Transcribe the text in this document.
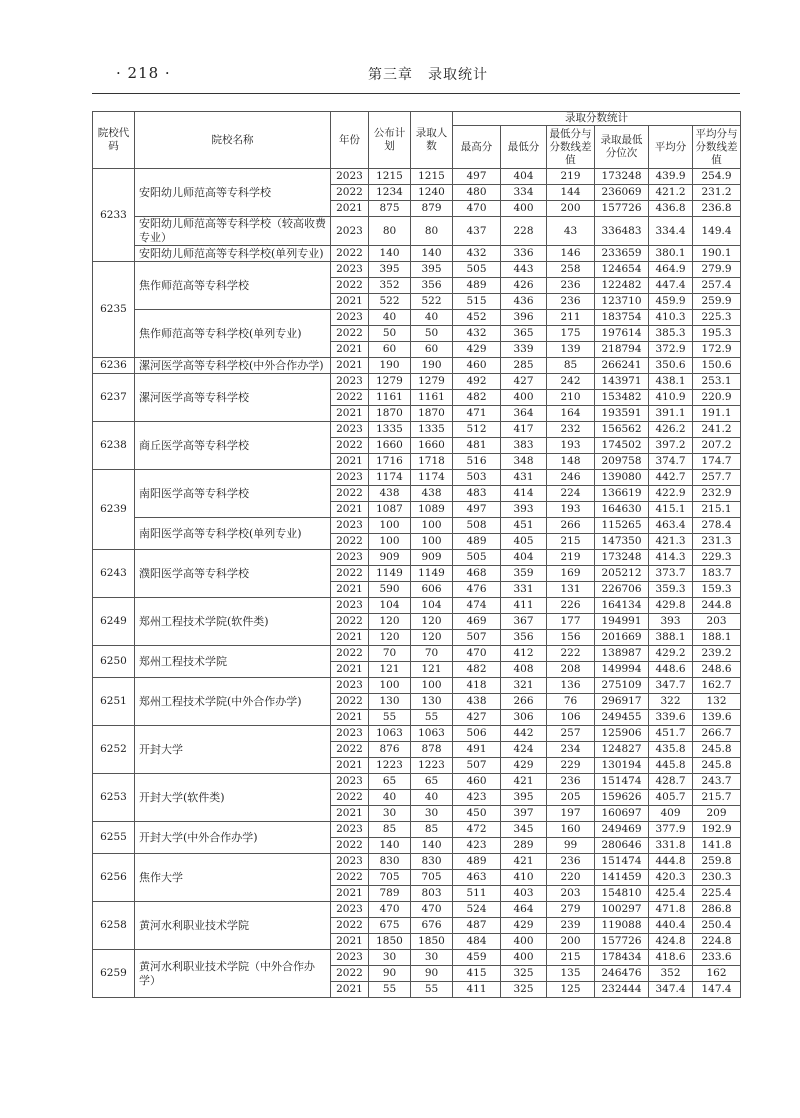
· 218 ·	第三章　录取统计
院校代码	院校名称	年份	公布计划	录取人数	录取分数统计					
					最高分	最低分	最低分与分数线差值	录取最低分位次	平均分	平均分与分数线差值
6233	安阳幼儿师范高等专科学校	2023	1215	1215	497	404	219	173248	439.9	254.9
		2022	1234	1240	480	334	144	236069	421.2	231.2
		2021	875	879	470	400	200	157726	436.8	236.8
	安阳幼儿师范高等专科学校（较高收费专业）	2023	80	80	437	228	43	336483	334.4	149.4
	安阳幼儿师范高等专科学校(单列专业)	2022	140	140	432	336	146	233659	380.1	190.1
6235	焦作师范高等专科学校	2023	395	395	505	443	258	124654	464.9	279.9
		2022	352	356	489	426	236	122482	447.4	257.4
		2021	522	522	515	436	236	123710	459.9	259.9
	焦作师范高等专科学校(单列专业)	2023	40	40	452	396	211	183754	410.3	225.3
		2022	50	50	432	365	175	197614	385.3	195.3
		2021	60	60	429	339	139	218794	372.9	172.9
6236	漯河医学高等专科学校(中外合作办学)	2021	190	190	460	285	85	266241	350.6	150.6
6237	漯河医学高等专科学校	2023	1279	1279	492	427	242	143971	438.1	253.1
		2022	1161	1161	482	400	210	153482	410.9	220.9
		2021	1870	1870	471	364	164	193591	391.1	191.1
6238	商丘医学高等专科学校	2023	1335	1335	512	417	232	156562	426.2	241.2
		2022	1660	1660	481	383	193	174502	397.2	207.2
		2021	1716	1718	516	348	148	209758	374.7	174.7
6239	南阳医学高等专科学校	2023	1174	1174	503	431	246	139080	442.7	257.7
		2022	438	438	483	414	224	136619	422.9	232.9
		2021	1087	1089	497	393	193	164630	415.1	215.1
	南阳医学高等专科学校(单列专业)	2023	100	100	508	451	266	115265	463.4	278.4
		2022	100	100	489	405	215	147350	421.3	231.3
6243	濮阳医学高等专科学校	2023	909	909	505	404	219	173248	414.3	229.3
		2022	1149	1149	468	359	169	205212	373.7	183.7
		2021	590	606	476	331	131	226706	359.3	159.3
6249	郑州工程技术学院(软件类)	2023	104	104	474	411	226	164134	429.8	244.8
		2022	120	120	469	367	177	194991	393	203
		2021	120	120	507	356	156	201669	388.1	188.1
6250	郑州工程技术学院	2022	70	70	470	412	222	138987	429.2	239.2
		2021	121	121	482	408	208	149994	448.6	248.6
6251	郑州工程技术学院(中外合作办学)	2023	100	100	418	321	136	275109	347.7	162.7
		2022	130	130	438	266	76	296917	322	132
		2021	55	55	427	306	106	249455	339.6	139.6
6252	开封大学	2023	1063	1063	506	442	257	125906	451.7	266.7
		2022	876	878	491	424	234	124827	435.8	245.8
		2021	1223	1223	507	429	229	130194	445.8	245.8
6253	开封大学(软件类)	2023	65	65	460	421	236	151474	428.7	243.7
		2022	40	40	423	395	205	159626	405.7	215.7
		2021	30	30	450	397	197	160697	409	209
6255	开封大学(中外合作办学)	2023	85	85	472	345	160	249469	377.9	192.9
		2022	140	140	423	289	99	280646	331.8	141.8
6256	焦作大学	2023	830	830	489	421	236	151474	444.8	259.8
		2022	705	705	463	410	220	141459	420.3	230.3
		2021	789	803	511	403	203	154810	425.4	225.4
6258	黄河水利职业技术学院	2023	470	470	524	464	279	100297	471.8	286.8
		2022	675	676	487	429	239	119088	440.4	250.4
		2021	1850	1850	484	400	200	157726	424.8	224.8
6259	黄河水利职业技术学院（中外合作办学）	2023	30	30	459	400	215	178434	418.6	233.6
		2022	90	90	415	325	135	246476	352	162
		2021	55	55	411	325	125	232444	347.4	147.4
